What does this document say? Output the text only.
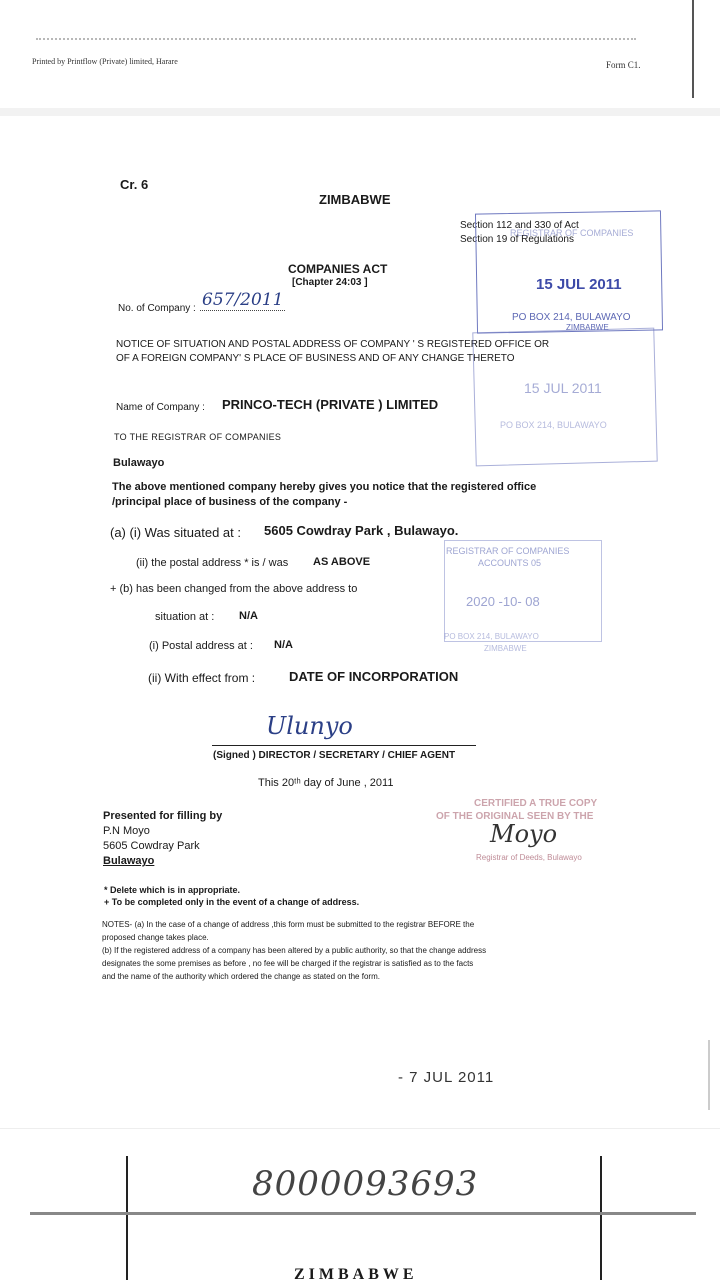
Printed by Printflow (Private) limited, Harare	Form C1.
Cr. 6
ZIMBABWE
Section 112 and 330 of Act
Section 19 of Regulations
COMPANIES ACT
[Chapter 24:03 ]
REGISTRAR OF COMPANIES
15 JUL 2011
PO BOX 214, BULAWAYO
ZIMBABWE
No. of Company : 657/2011
NOTICE OF SITUATION AND POSTAL ADDRESS OF COMPANY ' S REGISTERED OFFICE OR
OF A FOREIGN COMPANY' S PLACE OF BUSINESS AND OF ANY CHANGE THERETO
15 JUL 2011
PO BOX 214, BULAWAYO
Name of Company : PRINCO-TECH (PRIVATE ) LIMITED
TO THE REGISTRAR OF COMPANIES
Bulawayo
The above mentioned company hereby gives you notice that the registered office
/principal place of business of the company -
(a) (i) Was situated at : 5605 Cowdray Park , Bulawayo.
REGISTRAR OF COMPANIES
ACCOUNTS 05
2020 -10- 08
PO BOX 214, BULAWAYO
ZIMBABWE
(ii) the postal address * is / was AS ABOVE
+ (b) has been changed from the above address to
situation at : N/A
(i) Postal address at : N/A
(ii) With effect from :	DATE OF INCORPORATION
Ulunyo
(Signed ) DIRECTOR / SECRETARY / CHIEF AGENT
This 20ᵗʰ day of June , 2011
CERTIFIED A TRUE COPY
OF THE ORIGINAL SEEN BY THE
Moyo
Registrar of Deeds, Bulawayo
Presented for filling by
P.N Moyo
5605 Cowdray Park
Bulawayo
* Delete which is in appropriate.
+ To be completed only in the event of a change of address.
NOTES- (a) In the case of a change of address ,this form must be submitted to the registrar BEFORE the
proposed change takes place.
(b) If the registered address of a company has been altered by a public authority, so that the change address
designates the some premises as before , no fee will be charged if the registrar is satisfied as to the facts
and the name of the authority which ordered the change as stated on the form.
- 7 JUL 2011
8000093693
ZIMBABWE
